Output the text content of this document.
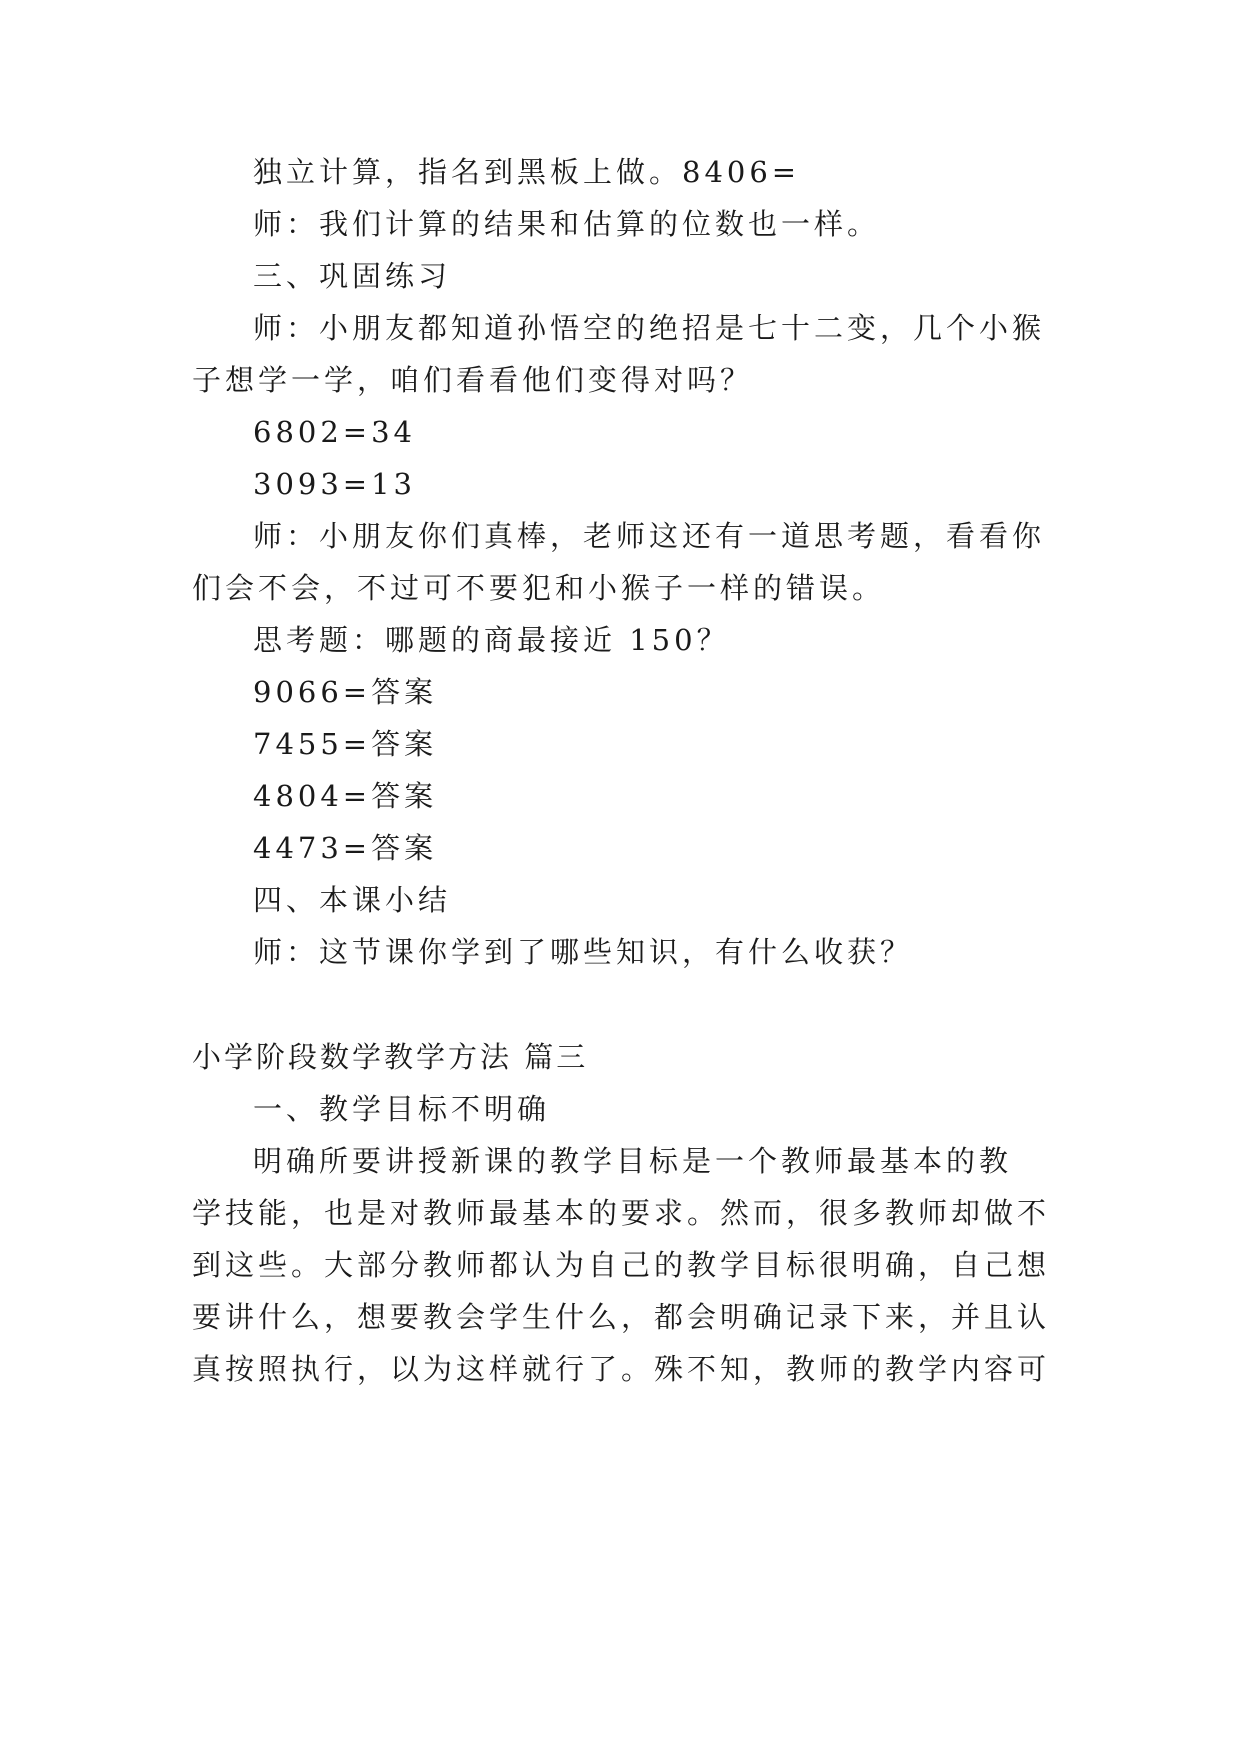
独立计算，指名到黑板上做。8406=
师：我们计算的结果和估算的位数也一样。
三、巩固练习
师：小朋友都知道孙悟空的绝招是七十二变，几个小猴
子想学一学，咱们看看他们变得对吗？
6802=34
3093=13
师：小朋友你们真棒，老师这还有一道思考题，看看你
们会不会，不过可不要犯和小猴子一样的错误。
思考题：哪题的商最接近 150？
9066=答案
7455=答案
4804=答案
4473=答案
四、本课小结
师：这节课你学到了哪些知识，有什么收获？
小学阶段数学教学方法 篇三
一、教学目标不明确
明确所要讲授新课的教学目标是一个教师最基本的教
学技能，也是对教师最基本的要求。然而，很多教师却做不
到这些。大部分教师都认为自己的教学目标很明确，自己想
要讲什么，想要教会学生什么，都会明确记录下来，并且认
真按照执行，以为这样就行了。殊不知，教师的教学内容可
